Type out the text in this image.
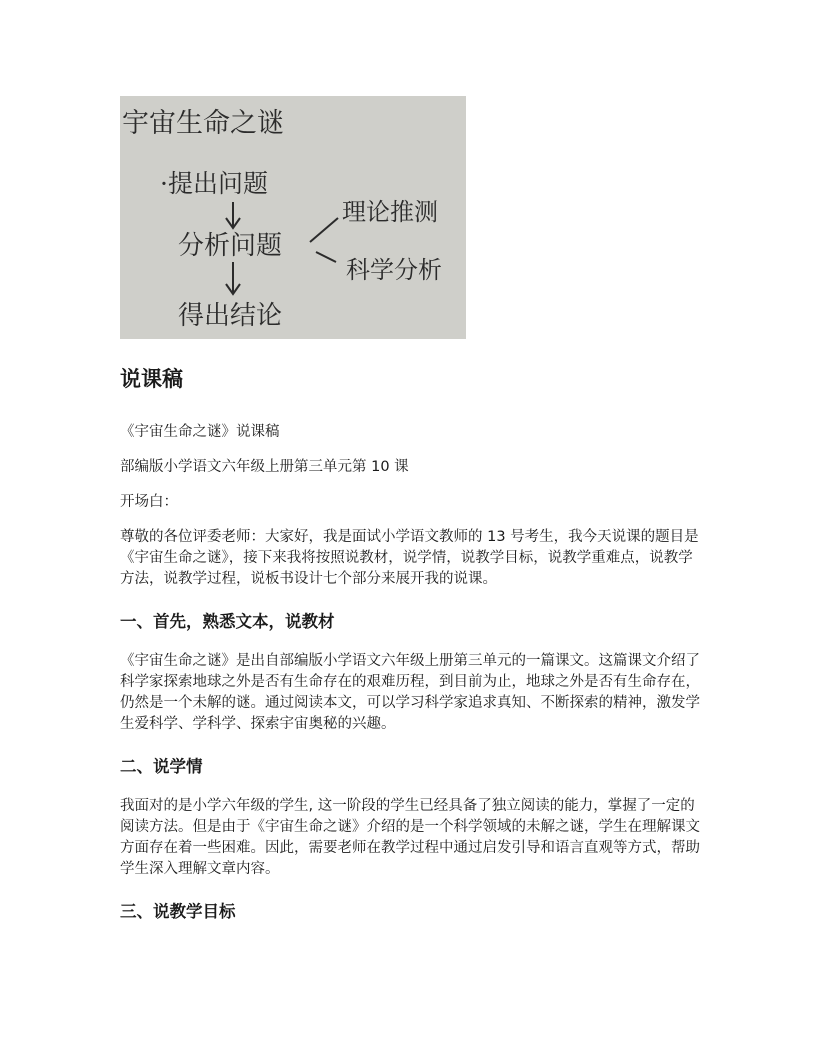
宇宙生命之谜
·提出问题
分析问题
理论推测
科学分析
得出结论
说课稿

《宇宙生命之谜》说课稿

部编版小学语文六年级上册第三单元第 10 课

开场白：

尊敬的各位评委老师：大家好，我是面试小学语文教师的 13 号考生，我今天说课的题目是《宇宙生命之谜》，接下来我将按照说教材，说学情，说教学目标，说教学重难点，说教学方法，说教学过程，说板书设计七个部分来展开我的说课。

一、首先，熟悉文本，说教材

《宇宙生命之谜》是出自部编版小学语文六年级上册第三单元的一篇课文。这篇课文介绍了科学家探索地球之外是否有生命存在的艰难历程，到目前为止，地球之外是否有生命存在，仍然是一个未解的谜。通过阅读本文，可以学习科学家追求真知、不断探索的精神，激发学生爱科学、学科学、探索宇宙奥秘的兴趣。

二、说学情

我面对的是小学六年级的学生, 这一阶段的学生已经具备了独立阅读的能力，掌握了一定的阅读方法。但是由于《宇宙生命之谜》介绍的是一个科学领域的未解之谜，学生在理解课文方面存在着一些困难。因此，需要老师在教学过程中通过启发引导和语言直观等方式，帮助学生深入理解文章内容。

三、说教学目标
